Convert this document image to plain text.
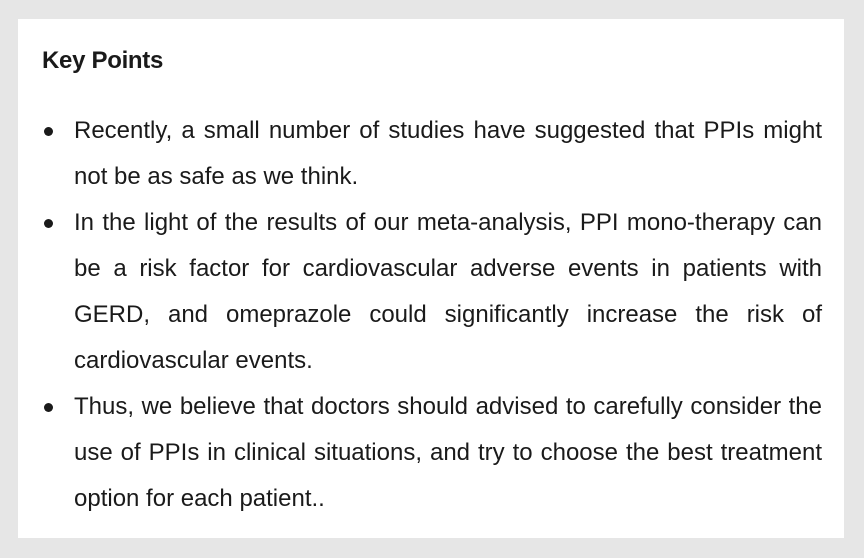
Key Points
Recently, a small number of studies have suggested that PPIs might not be as safe as we think.
In the light of the results of our meta-analysis, PPI mono-therapy can be a risk factor for cardiovascular adverse events in patients with GERD, and omeprazole could significantly increase the risk of cardiovascular events.
Thus, we believe that doctors should advised to carefully consider the use of PPIs in clinical situations, and try to choose the best treatment option for each patient..
